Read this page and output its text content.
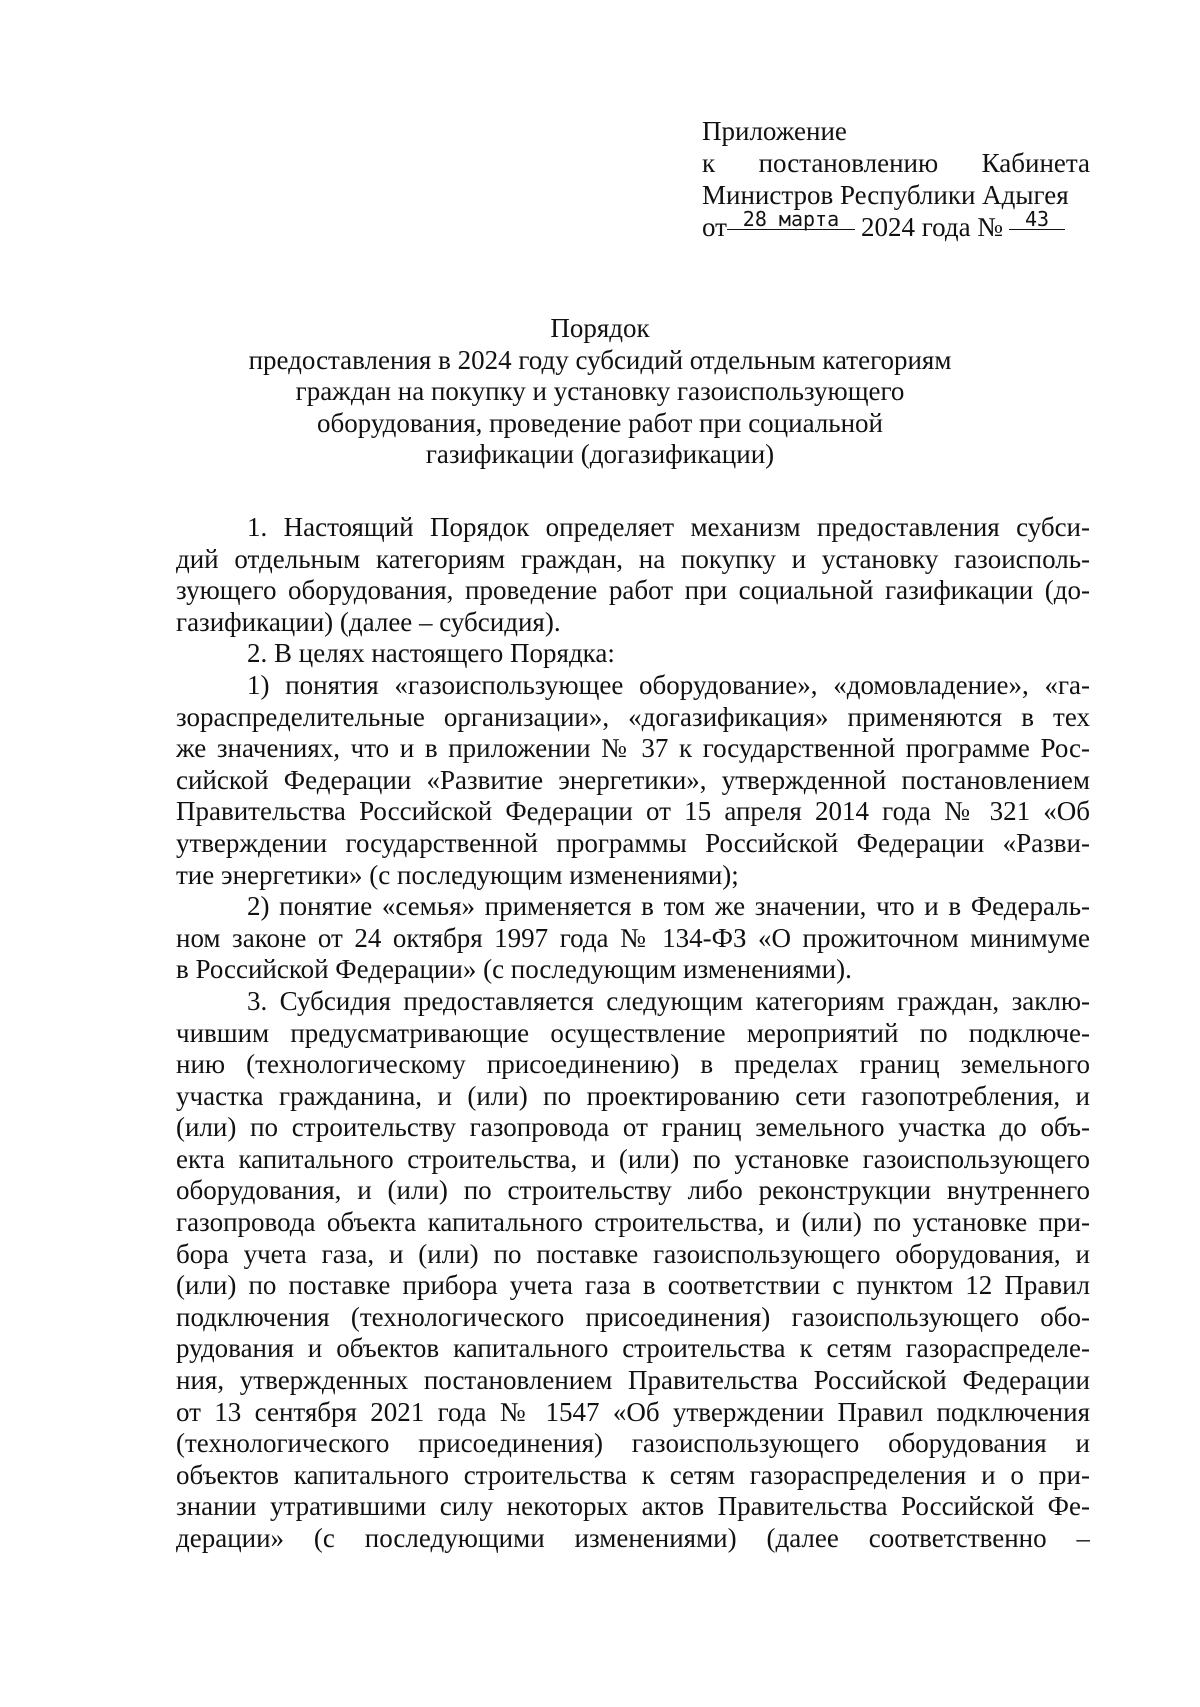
Приложение
к постановлению Кабинета
Министров Республики Адыгея
от 28 марта 2024 года №	43
Порядок
предоставления в 2024 году субсидий отдельным категориям
граждан на покупку и установку газоиспользующего
оборудования, проведение работ при социальной
газификации (догазификации)
1. Настоящий Порядок определяет механизм предоставления субси-
дий отдельным категориям граждан, на покупку и установку газоисполь-
зующего оборудования, проведение работ при социальной газификации (до-
газификации) (далее – субсидия).
2. В целях настоящего Порядка:
1) понятия «газоиспользующее оборудование», «домовладение», «га-
зораспределительные организации», «догазификация» применяются в тех
же значениях, что и в приложении № 37 к государственной программе Рос-
сийской Федерации «Развитие энергетики», утвержденной постановлением
Правительства Российской Федерации от 15 апреля 2014 года № 321 «Об
утверждении государственной программы Российской Федерации «Разви-
тие энергетики» (с последующим изменениями);
2) понятие «семья» применяется в том же значении, что и в Федераль-
ном законе от 24 октября 1997 года № 134-ФЗ «О прожиточном минимуме
в Российской Федерации» (с последующим изменениями).
3. Субсидия предоставляется следующим категориям граждан, заклю-
чившим предусматривающие осуществление мероприятий по подключе-
нию (технологическому присоединению) в пределах границ земельного
участка гражданина, и (или) по проектированию сети газопотребления, и
(или) по строительству газопровода от границ земельного участка до объ-
екта капитального строительства, и (или) по установке газоиспользующего
оборудования, и (или) по строительству либо реконструкции внутреннего
газопровода объекта капитального строительства, и (или) по установке при-
бора учета газа, и (или) по поставке газоиспользующего оборудования, и
(или) по поставке прибора учета газа в соответствии с пунктом 12 Правил
подключения (технологического присоединения) газоиспользующего обо-
рудования и объектов капитального строительства к сетям газораспределе-
ния, утвержденных постановлением Правительства Российской Федерации
от 13 сентября 2021 года № 1547 «Об утверждении Правил подключения
(технологического присоединения) газоиспользующего оборудования и
объектов капитального строительства к сетям газораспределения и о при-
знании утратившими силу некоторых актов Правительства Российской Фе-
дерации» (с последующими изменениями) (далее соответственно –
